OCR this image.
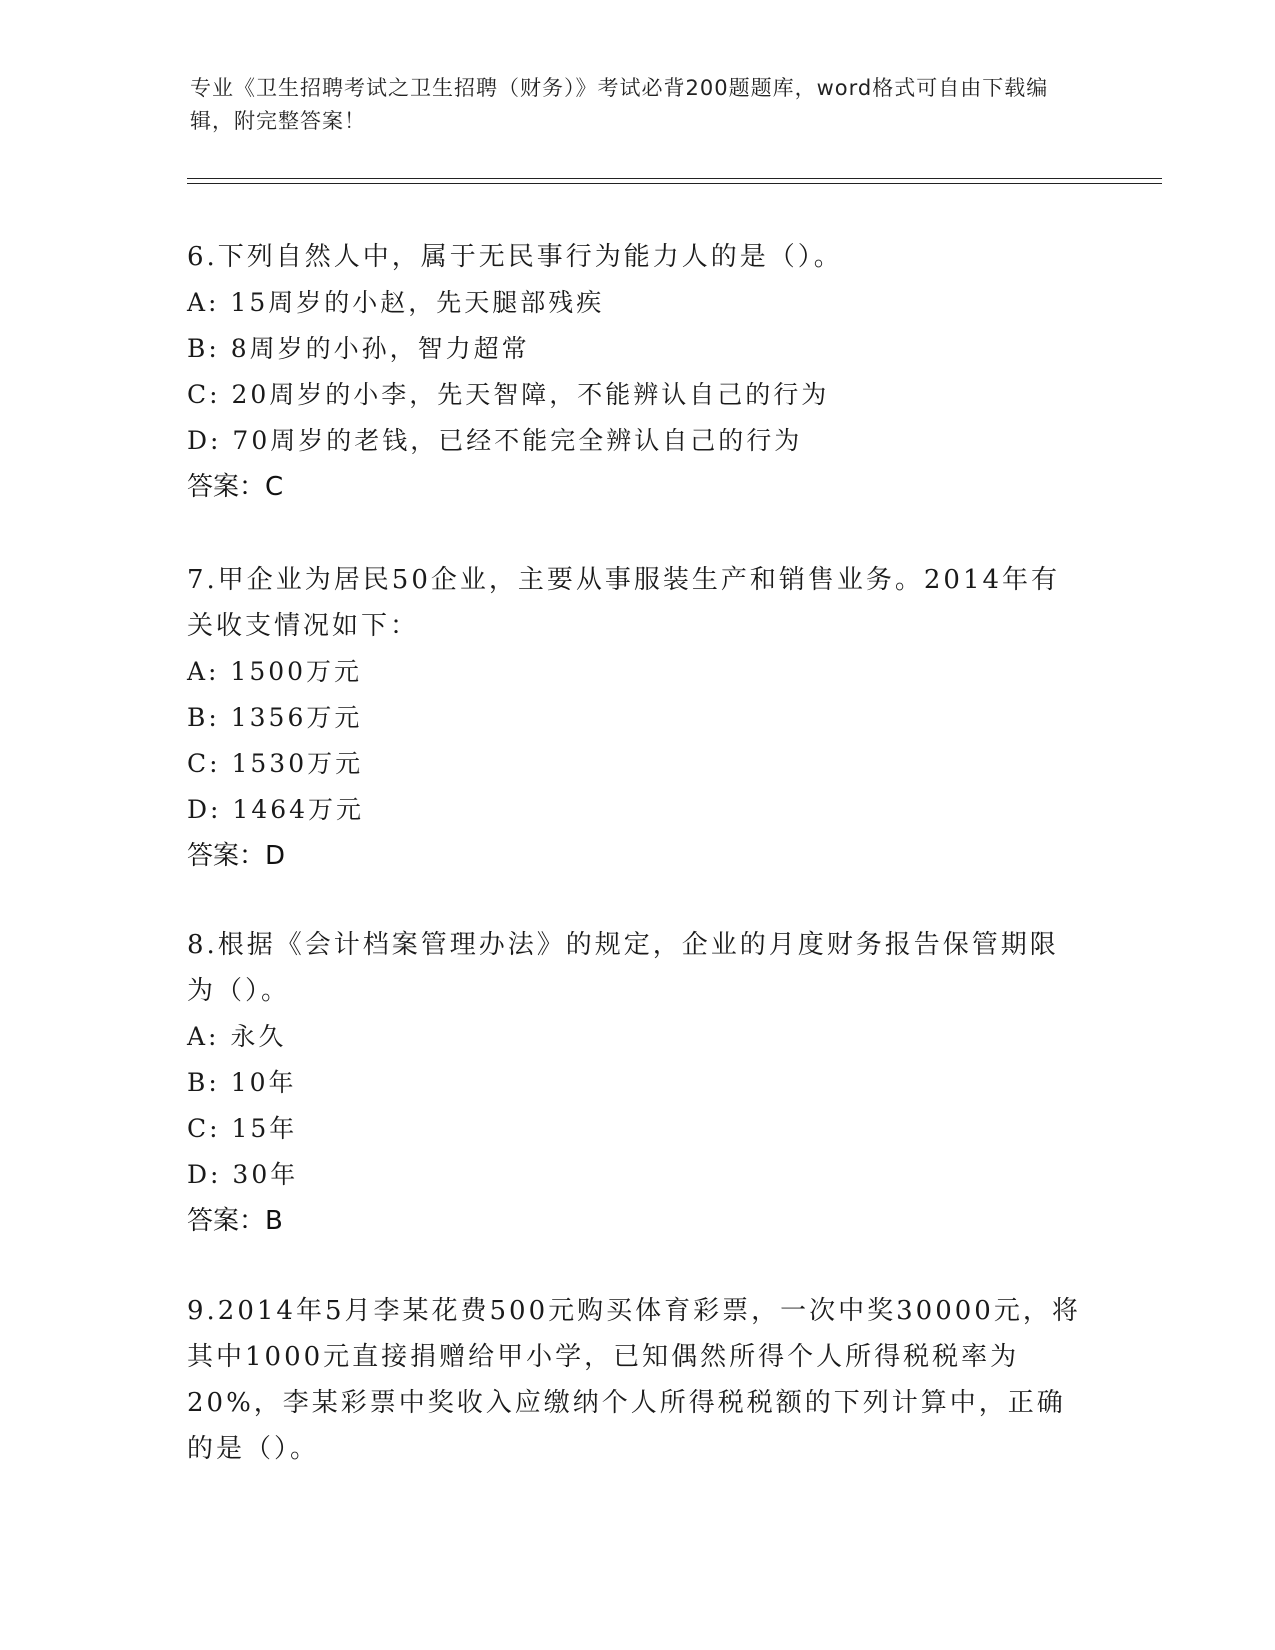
专业《卫生招聘考试之卫生招聘（财务）》考试必背200题题库，word格式可自由下载编辑，附完整答案！

6.下列自然人中，属于无民事行为能力人的是（）。

A: 15周岁的小赵，先天腿部残疾

B: 8周岁的小孙，智力超常

C: 20周岁的小李，先天智障，不能辨认自己的行为

D: 70周岁的老钱，已经不能完全辨认自己的行为

答案：C

7.甲企业为居民50企业，主要从事服装生产和销售业务。2014年有关收支情况如下：

A: 1500万元

B: 1356万元

C: 1530万元

D: 1464万元

答案：D

8.根据《会计档案管理办法》的规定，企业的月度财务报告保管期限为（）。

A: 永久

B: 10年

C: 15年

D: 30年

答案：B

9.2014年5月李某花费500元购买体育彩票，一次中奖30000元，将其中1000元直接捐赠给甲小学，已知偶然所得个人所得税税率为20%，李某彩票中奖收入应缴纳个人所得税税额的下列计算中，正确的是（）。
